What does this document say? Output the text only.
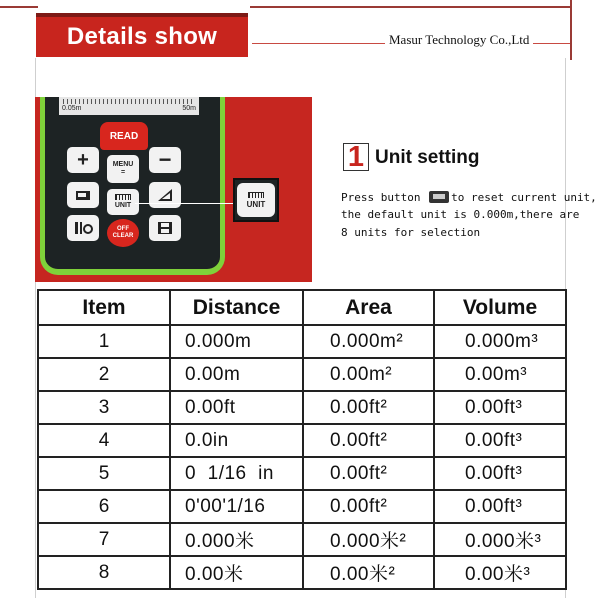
Details show	Masur Technology Co.,Ltd
0.05m	50m
READ
+	MENU
=
−
UNIT
OFF
CLEAR
UNIT
1 Unit setting
Press button	to reset current unit,
the default unit is 0.000m,there are
8 units for selection
Item	Distance	Area	Volume
1	0.000m	0.000m²	0.000m³
2	0.00m	0.00m²	0.00m³
3	0.00ft	0.00ft²	0.00ft³
4	0.0in	0.00ft²	0.00ft³
5	0  1/16  in	0.00ft²	0.00ft³
6	0'00'1/16	0.00ft²	0.00ft³
7	0.000米	0.000米²	0.000米³
8	0.00米	0.00米²	0.00米³
